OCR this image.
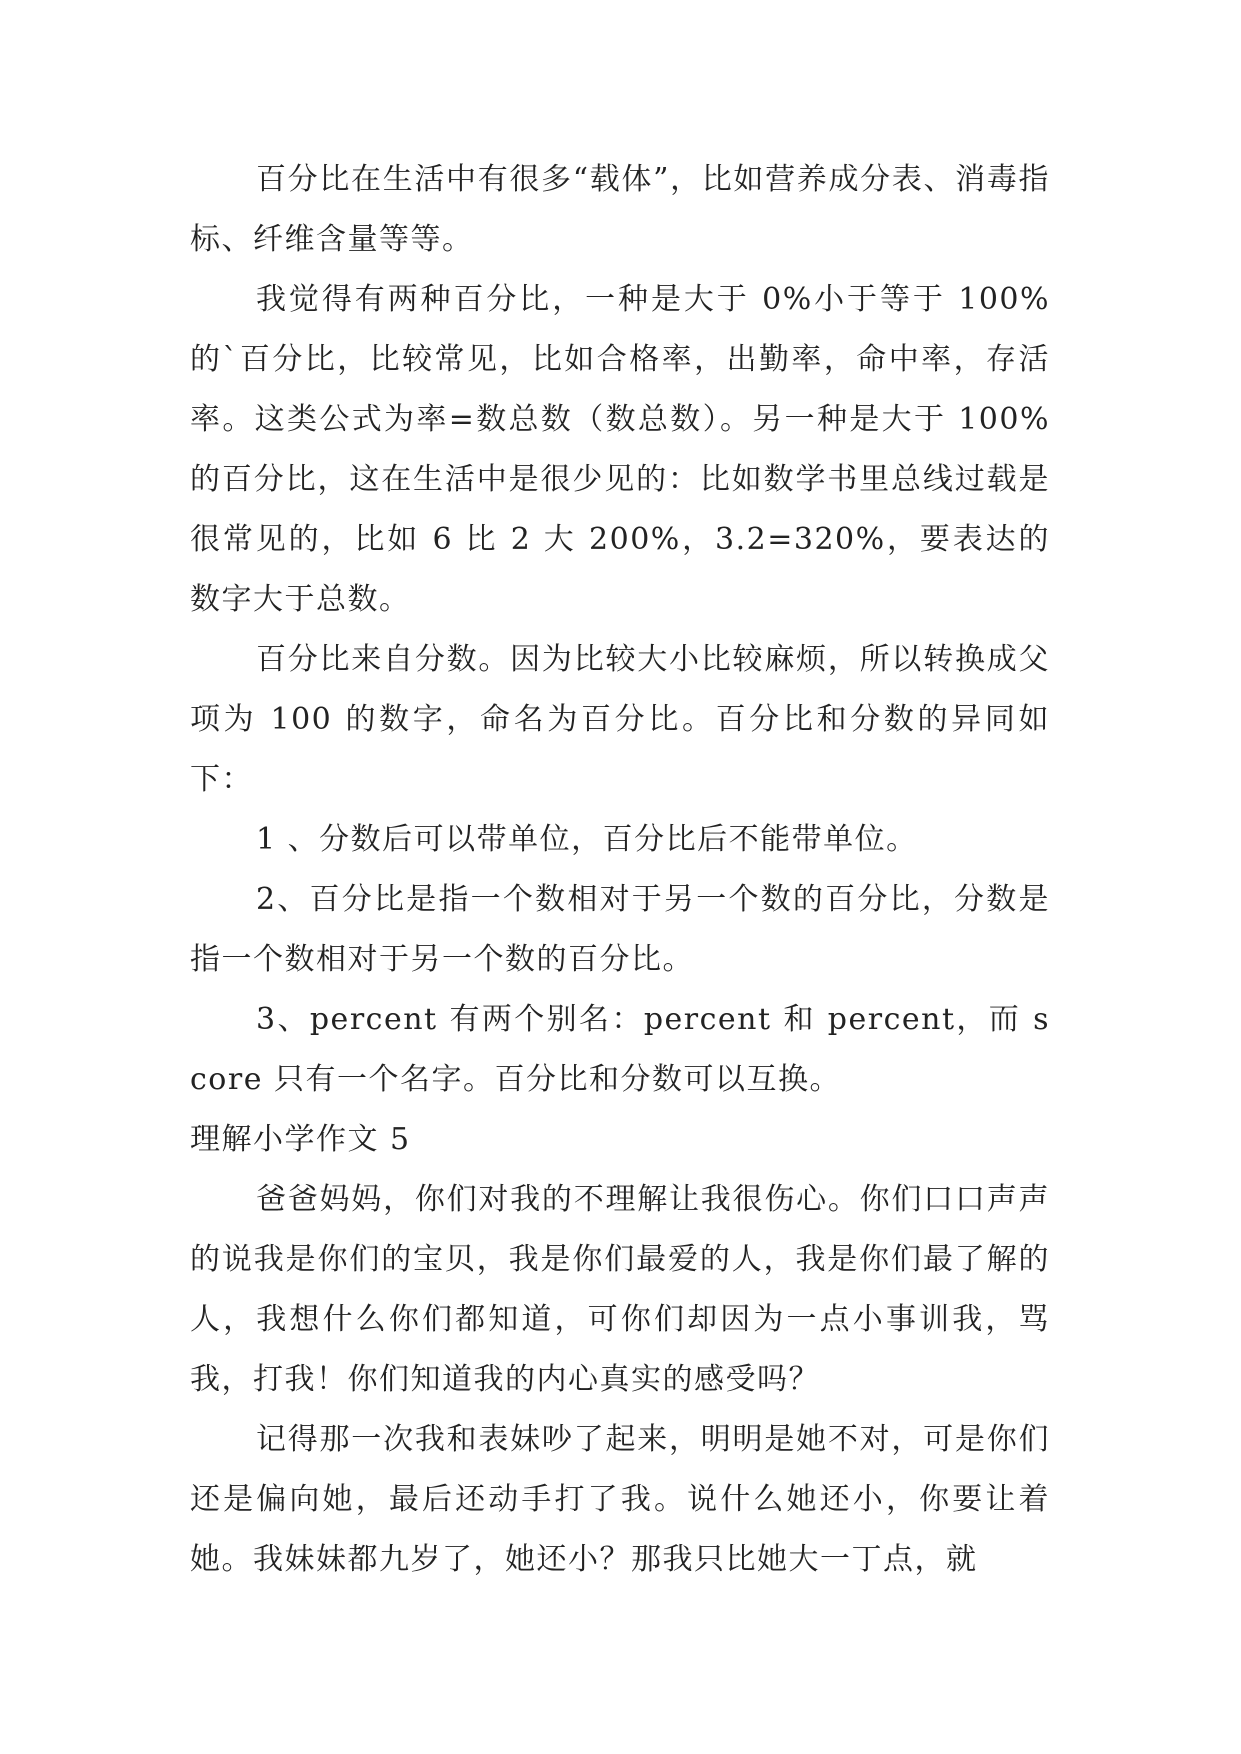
百分比在生活中有很多“载体”，比如营养成分表、消毒指标、纤维含量等等。

我觉得有两种百分比，一种是大于 0%小于等于 100%的`百分比，比较常见，比如合格率，出勤率，命中率，存活率。这类公式为率=数总数（数总数）。另一种是大于 100%的百分比，这在生活中是很少见的：比如数学书里总线过载是很常见的，比如 6 比 2 大 200%，3.2=320%，要表达的数字大于总数。

百分比来自分数。因为比较大小比较麻烦，所以转换成父项为 100 的数字，命名为百分比。百分比和分数的异同如下：

1 、分数后可以带单位，百分比后不能带单位。

2、百分比是指一个数相对于另一个数的百分比，分数是指一个数相对于另一个数的百分比。

3、percent 有两个别名：percent 和 percent，而 score 只有一个名字。百分比和分数可以互换。

理解小学作文 5

爸爸妈妈，你们对我的不理解让我很伤心。你们口口声声的说我是你们的宝贝，我是你们最爱的人，我是你们最了解的人，我想什么你们都知道，可你们却因为一点小事训我，骂我，打我！你们知道我的内心真实的感受吗？

记得那一次我和表妹吵了起来，明明是她不对，可是你们还是偏向她，最后还动手打了我。说什么她还小，你要让着她。我妹妹都九岁了，她还小？那我只比她大一丁点，就
